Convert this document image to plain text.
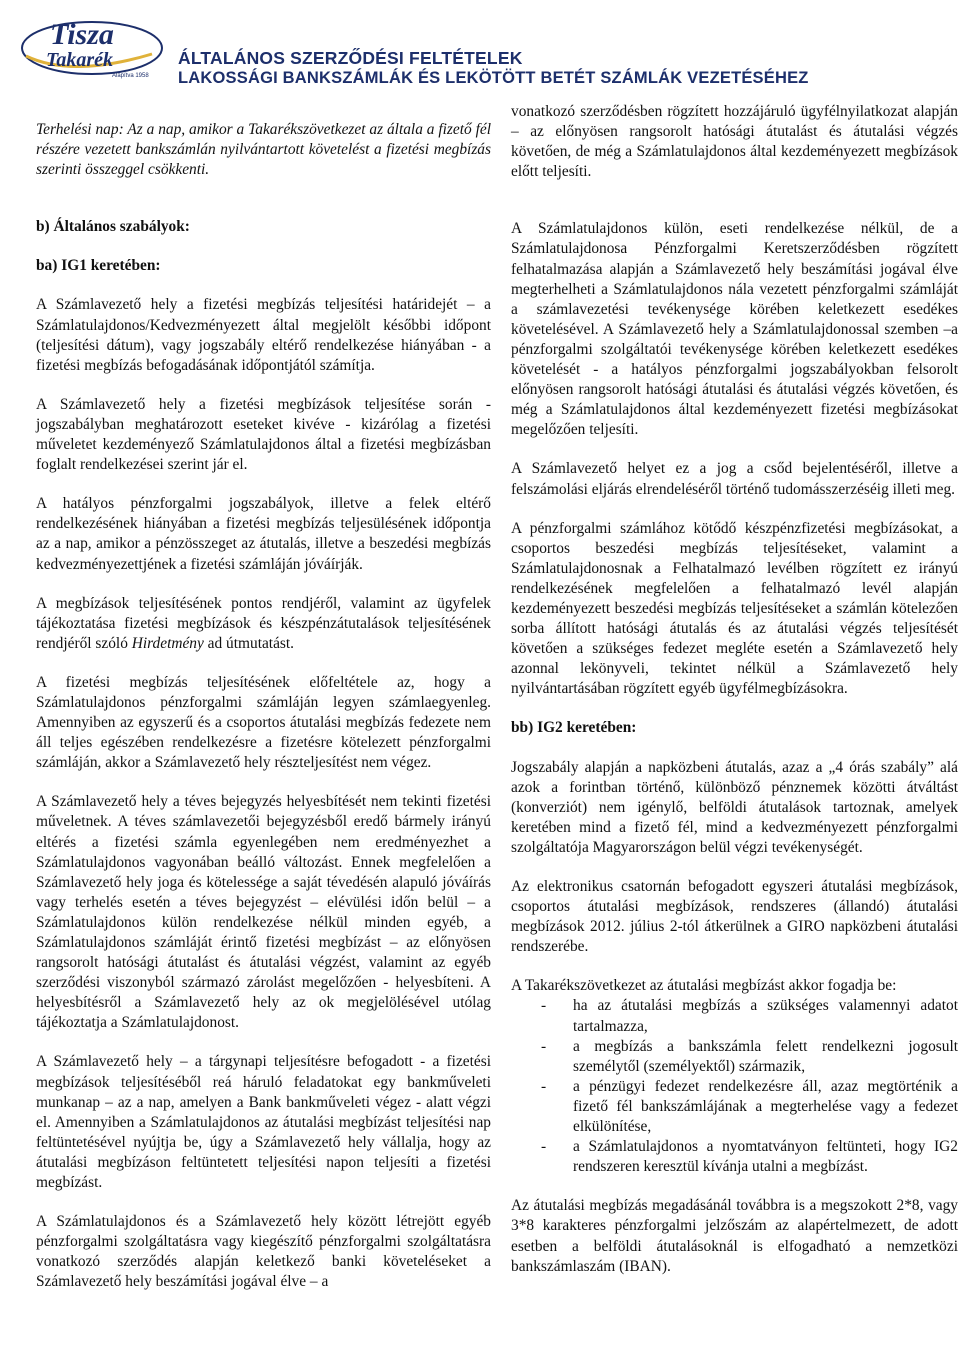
Tisza
Takarék
Alapítva 1958
ÁLTALÁNOS SZERZŐDÉSI FELTÉTELEK
LAKOSSÁGI BANKSZÁMLÁK ÉS LEKÖTÖTT BETÉT SZÁMLÁK VEZETÉSÉHEZ

Terhelési nap: Az a nap, amikor a Takarékszövetkezet az általa a fizető fél részére vezetett bankszámlán nyilvántartott követelést a fizetési megbízás szerinti összeggel csökkenti.

b) Általános szabályok:
ba) IG1 keretében:

A Számlavezető hely a fizetési megbízás teljesítési határidejét – a Számlatulajdonos/Kedvezményezett által megjelölt későbbi időpont (teljesítési dátum), vagy jogszabály eltérő rendelkezése hiányában - a fizetési megbízás befogadásának időpontjától számítja.

A Számlavezető hely a fizetési megbízások teljesítése során - jogszabályban meghatározott eseteket kivéve - kizárólag a fizetési műveletet kezdeményező Számlatulajdonos által a fizetési megbízásban foglalt rendelkezései szerint jár el.

A hatályos pénzforgalmi jogszabályok, illetve a felek eltérő rendelkezésének hiányában a fizetési megbízás teljesülésének időpontja az a nap, amikor a pénzösszeget az átutalás, illetve a beszedési megbízás kedvezményezettjének a fizetési számláján jóváírják.

A megbízások teljesítésének pontos rendjéről, valamint az ügyfelek tájékoztatása fizetési megbízások és készpénzátutalások teljesítésének rendjéről szóló Hirdetmény ad útmutatást.

A fizetési megbízás teljesítésének előfeltétele az, hogy a Számlatulajdonos pénzforgalmi számláján legyen számlaegyenleg. Amennyiben az egyszerű és a csoportos átutalási megbízás fedezete nem áll teljes egészében rendelkezésre a fizetésre kötelezett pénzforgalmi számláján, akkor a Számlavezető hely részteljesítést nem végez.

A Számlavezető hely a téves bejegyzés helyesbítését nem tekinti fizetési műveletnek. A téves számlavezetői bejegyzésből eredő bármely irányú eltérés a fizetési számla egyenlegében nem eredményezhet a Számlatulajdonos vagyonában beálló változást. Ennek megfelelően a Számlavezető hely joga és kötelessége a saját tévedésén alapuló jóváírás vagy terhelés esetén a téves bejegyzést – elévülési időn belül – a Számlatulajdonos külön rendelkezése nélkül minden egyéb, a Számlatulajdonos számláját érintő fizetési megbízást – az előnyösen rangsorolt hatósági átutalást és átutalási végzést, valamint az egyéb szerződési viszonyból származó zárolást megelőzően - helyesbíteni. A helyesbítésről a Számlavezető hely az ok megjelölésével utólag tájékoztatja a Számlatulajdonost.

A Számlavezető hely – a tárgynapi teljesítésre befogadott - a fizetési megbízások teljesítéséből reá háruló feladatokat egy bankműveleti munkanap – az a nap, amelyen a Bank bankműveleti végez - alatt végzi el. Amennyiben a Számlatulajdonos az átutalási megbízást teljesítési nap feltüntetésével nyújtja be, úgy a Számlavezető hely vállalja, hogy az átutalási megbízáson feltüntetett teljesítési napon teljesíti a fizetési megbízást.

A Számlatulajdonos és a Számlavezető hely között létrejött egyéb pénzforgalmi szolgáltatásra vagy kiegészítő pénzforgalmi szolgáltatásra vonatkozó szerződés alapján keletkező banki követeléseket a Számlavezető hely beszámítási jogával élve – a

vonatkozó szerződésben rögzített hozzájáruló ügyfélnyilatkozat alapján – az előnyösen rangsorolt hatósági átutalást és átutalási végzés követően, de még a Számlatulajdonos által kezdeményezett megbízások előtt teljesíti.

A Számlatulajdonos külön, eseti rendelkezése nélkül, de a Számlatulajdonosa Pénzforgalmi Keretszerződésben rögzített felhatalmazása alapján a Számlavezető hely beszámítási jogával élve megterhelheti a Számlatulajdonos nála vezetett pénzforgalmi számláját a számlavezetési tevékenysége körében keletkezett esedékes követelésével. A Számlavezető hely a Számlatulajdonossal szemben –a pénzforgalmi szolgáltatói tevékenysége körében keletkezett esedékes követelését - a hatályos pénzforgalmi jogszabályokban felsorolt előnyösen rangsorolt hatósági átutalási és átutalási végzés követően, és még a Számlatulajdonos által kezdeményezett fizetési megbízásokat megelőzően teljesíti.

A Számlavezető helyet ez a jog a csőd bejelentéséről, illetve a felszámolási eljárás elrendeléséről történő tudomásszerzéséig illeti meg.

A pénzforgalmi számlához kötődő készpénzfizetési megbízásokat, a csoportos beszedési megbízás teljesítéseket, valamint a Számlatulajdonosnak a Felhatalmazó levélben rögzített ez irányú rendelkezésének megfelelően a felhatalmazó levél alapján kezdeményezett beszedési megbízás teljesítéseket a számlán kötelezően sorba állított hatósági átutalás és az átutalási végzés teljesítését követően a szükséges fedezet megléte esetén a Számlavezető hely azonnal lekönyveli, tekintet nélkül a Számlavezető hely nyilvántartásában rögzített egyéb ügyfélmegbízásokra.

bb) IG2 keretében:

Jogszabály alapján a napközbeni átutalás, azaz a „4 órás szabály” alá azok a forintban történő, különböző pénznemek közötti átváltást (konverziót) nem igénylő, belföldi átutalások tartoznak, amelyek keretében mind a fizető fél, mind a kedvezményezett pénzforgalmi szolgáltatója Magyarországon belül végzi tevékenységét.

Az elektronikus csatornán befogadott egyszeri átutalási megbízások, csoportos átutalási megbízások, rendszeres (állandó) átutalási megbízások 2012. július 2-tól átkerülnek a GIRO napközbeni átutalási rendszerébe.

A Takarékszövetkezet az átutalási megbízást akkor fogadja be:

- ha az átutalási megbízás a szükséges valamennyi adatot tartalmazza,
- a megbízás a bankszámla felett rendelkezni jogosult személytől (személyektől) származik,
- a pénzügyi fedezet rendelkezésre áll, azaz megtörténik a fizető fél bankszámlájának a megterhelése vagy a fedezet elkülönítése,
- a Számlatulajdonos a nyomtatványon feltünteti, hogy IG2 rendszeren keresztül kívánja utalni a megbízást.

Az átutalási megbízás megadásánál továbbra is a megszokott 2*8, vagy 3*8 karakteres pénzforgalmi jelzőszám az alapértelmezett, de adott esetben a belföldi átutalásoknál is elfogadható a nemzetközi bankszámlaszám (IBAN).
